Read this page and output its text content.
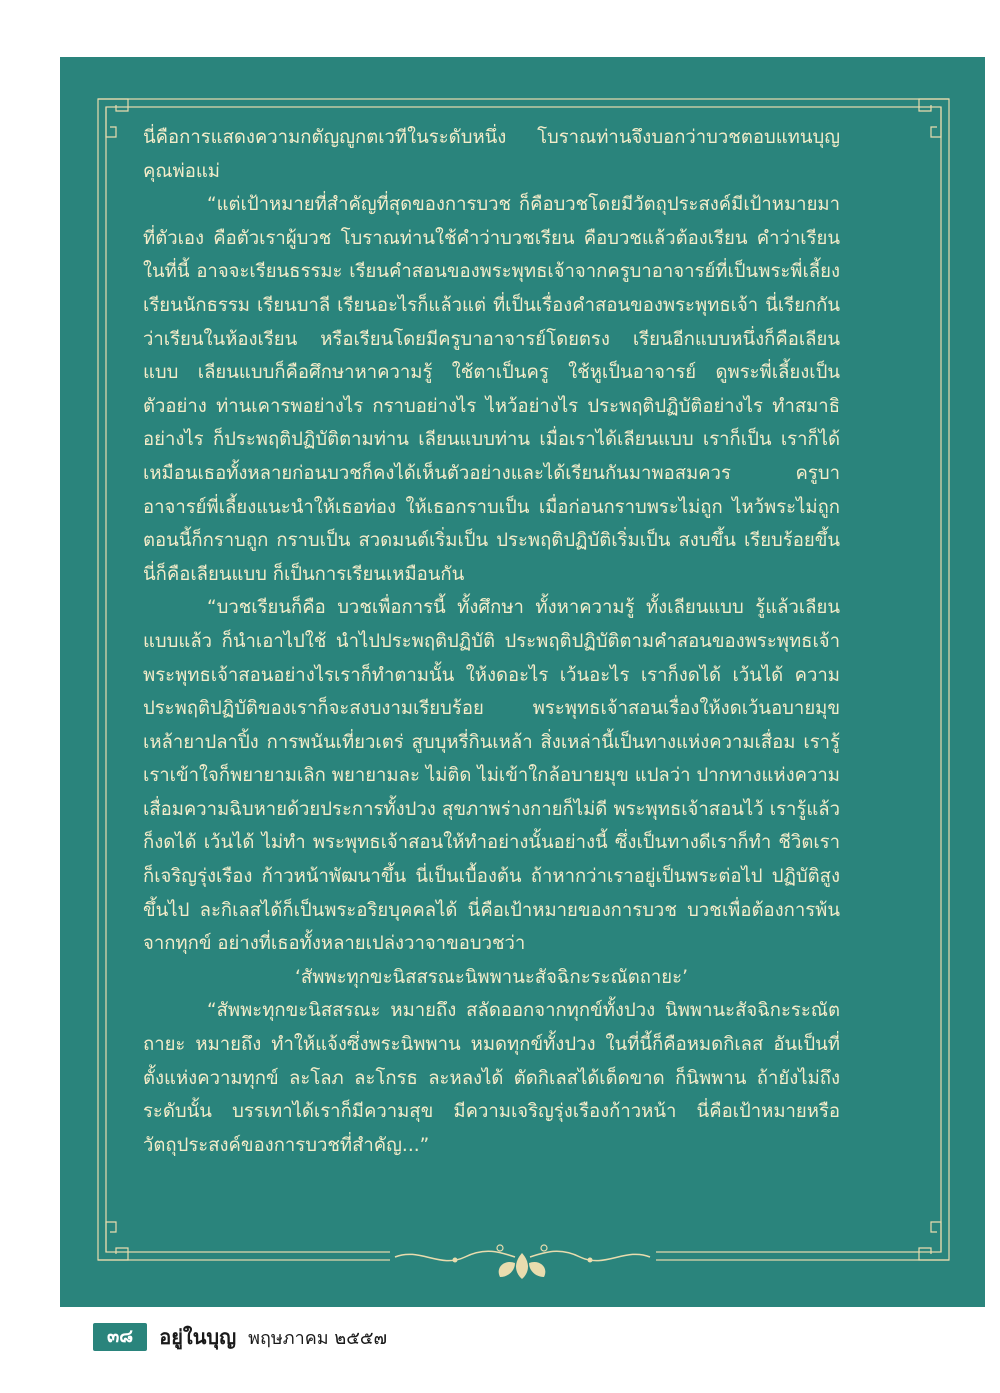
นี่คือการแสดงความกตัญญูกตเวทีในระดับหนึ่ง โบราณท่านจึงบอกว่าบวชตอบแทนบุญคุณพ่อแม่

“แต่เป้าหมายที่สำคัญที่สุดของการบวช ก็คือบวชโดยมีวัตถุประสงค์มีเป้าหมายมาที่ตัวเอง คือตัวเราผู้บวช โบราณท่านใช้คำว่าบวชเรียน คือบวชแล้วต้องเรียน คำว่าเรียนในที่นี้ อาจจะเรียนธรรมะ เรียนคำสอนของพระพุทธเจ้าจากครูบาอาจารย์ที่เป็นพระพี่เลี้ยง เรียนนักธรรม เรียนบาลี เรียนอะไรก็แล้วแต่ ที่เป็นเรื่องคำสอนของพระพุทธเจ้า นี่เรียกกันว่าเรียนในห้องเรียน หรือเรียนโดยมีครูบาอาจารย์โดยตรง เรียนอีกแบบหนึ่งก็คือเลียนแบบ เลียนแบบก็คือศึกษาหาความรู้ ใช้ตาเป็นครู ใช้หูเป็นอาจารย์ ดูพระพี่เลี้ยงเป็นตัวอย่าง ท่านเคารพอย่างไร กราบอย่างไร ไหว้อย่างไร ประพฤติปฏิบัติอย่างไร ทำสมาธิอย่างไร ก็ประพฤติปฏิบัติตามท่าน เลียนแบบท่าน เมื่อเราได้เลียนแบบ เราก็เป็น เราก็ได้ เหมือนเธอทั้งหลายก่อนบวชก็คงได้เห็นตัวอย่างและได้เรียนกันมาพอสมควร ครูบาอาจารย์พี่เลี้ยงแนะนำให้เธอท่อง ให้เธอกราบเป็น เมื่อก่อนกราบพระไม่ถูก ไหว้พระไม่ถูก ตอนนี้ก็กราบถูก กราบเป็น สวดมนต์เริ่มเป็น ประพฤติปฏิบัติเริ่มเป็น สงบขึ้น เรียบร้อยขึ้น นี่ก็คือเลียนแบบ ก็เป็นการเรียนเหมือนกัน

“บวชเรียนก็คือ บวชเพื่อการนี้ ทั้งศึกษา ทั้งหาความรู้ ทั้งเลียนแบบ รู้แล้วเลียนแบบแล้ว ก็นำเอาไปใช้ นำไปประพฤติปฏิบัติ ประพฤติปฏิบัติตามคำสอนของพระพุทธเจ้า พระพุทธเจ้าสอนอย่างไรเราก็ทำตามนั้น ให้งดอะไร เว้นอะไร เราก็งดได้ เว้นได้ ความประพฤติปฏิบัติของเราก็จะสงบงามเรียบร้อย พระพุทธเจ้าสอนเรื่องให้งดเว้นอบายมุข เหล้ายาปลาปิ้ง การพนันเที่ยวเตร่ สูบบุหรี่กินเหล้า สิ่งเหล่านี้เป็นทางแห่งความเสื่อม เรารู้เราเข้าใจก็พยายามเลิก พยายามละ ไม่ติด ไม่เข้าใกล้อบายมุข แปลว่า ปากทางแห่งความเสื่อมความฉิบหายด้วยประการทั้งปวง สุขภาพร่างกายก็ไม่ดี พระพุทธเจ้าสอนไว้ เรารู้แล้วก็งดได้ เว้นได้ ไม่ทำ พระพุทธเจ้าสอนให้ทำอย่างนั้นอย่างนี้ ซึ่งเป็นทางดีเราก็ทำ ชีวิตเราก็เจริญรุ่งเรือง ก้าวหน้าพัฒนาขึ้น นี่เป็นเบื้องต้น ถ้าหากว่าเราอยู่เป็นพระต่อไป ปฏิบัติสูงขึ้นไป ละกิเลสได้ก็เป็นพระอริยบุคคลได้ นี่คือเป้าหมายของการบวช บวชเพื่อต้องการพ้นจากทุกข์ อย่างที่เธอทั้งหลายเปล่งวาจาขอบวชว่า

‘สัพพะทุกขะนิสสรณะนิพพานะสัจฉิกะระณัตถายะ’

“สัพพะทุกขะนิสสรณะ หมายถึง สลัดออกจากทุกข์ทั้งปวง นิพพานะสัจฉิกะระณัตถายะ หมายถึง ทำให้แจ้งซึ่งพระนิพพาน หมดทุกข์ทั้งปวง ในที่นี้ก็คือหมดกิเลส อันเป็นที่ตั้งแห่งความทุกข์ ละโลภ ละโกรธ ละหลงได้ ตัดกิเลสได้เด็ดขาด ก็นิพพาน ถ้ายังไม่ถึงระดับนั้น บรรเทาได้เราก็มีความสุข มีความเจริญรุ่งเรืองก้าวหน้า นี่คือเป้าหมายหรือวัตถุประสงค์ของการบวชที่สำคัญ...”

๓๘	อยู่ในบุญ พฤษภาคม ๒๕๕๗
